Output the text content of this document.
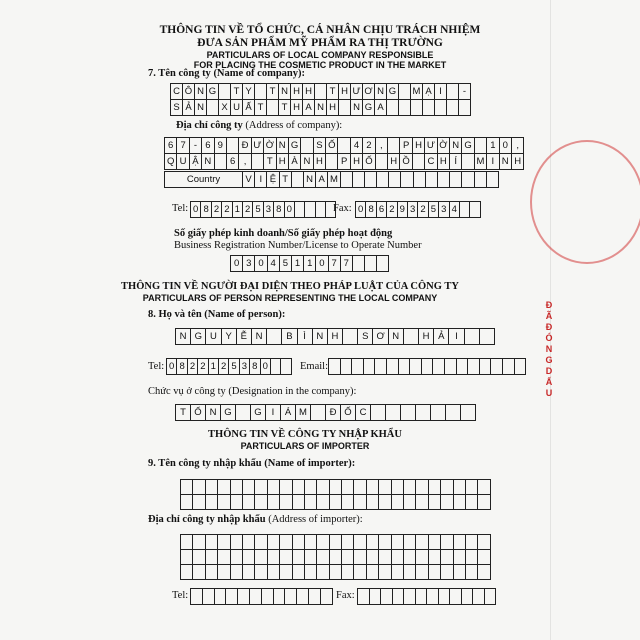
THÔNG TIN VỀ TỔ CHỨC, CÁ NHÂN CHỊU TRÁCH NHIỆM
ĐƯA SẢN PHẨM MỸ PHẨM RA THỊ TRƯỜNG
PARTICULARS OF LOCAL COMPANY RESPONSIBLE
FOR PLACING THE COSMETIC PRODUCT IN THE MARKET
7. Tên công ty (Name of company):
C Ô N G T Y	T N H H	T H Ư Ơ N G M Ạ I	-
S Ả N	X U Ấ T	T H A N H	N G A
Địa chỉ công ty (Address of company):
6 7 - 6 9	Đ Ư Ờ N G	S Ố	4 2 ,	P H Ư Ờ N G	1 0 ,
Q U Ậ N	6 ,	T H À N H	P H Ố	H Ồ	C H Í	M I N H
Country	V I Ệ T	N A M
Tel: 0 8 2 2 1 2 5 3 8 0	Fax: 0 8 6 2 9 3 2 5 3 4
Số giấy phép kinh doanh/Số giấy phép hoạt động
Business Registration Number/License to Operate Number
0 3 0 4 5 1 1 0 7 7
THÔNG TIN VỀ NGƯỜI ĐẠI DIỆN THEO PHÁP LUẬT CỦA CÔNG TY
PARTICULARS OF PERSON REPRESENTING THE LOCAL COMPANY
8. Họ và tên (Name of person):
N G U Y Ễ N	B	Ì	N H	S Ơ N	H Ả	I
Tel: 0 8 2 2 1 2 5 3 8 0	Email:
Chức vụ ở công ty (Designation in the company):
T Ổ N G	G	I	Á M	Đ Ố C
THÔNG TIN VỀ CÔNG TY NHẬP KHẨU
PARTICULARS OF IMPORTER
9. Tên công ty nhập khẩu (Name of importer):
Địa chỉ công ty nhập khẩu (Address of importer):
Tel:	Fax:
Đ
Ã
Đ
Ó
N
G
D
Ấ
U
